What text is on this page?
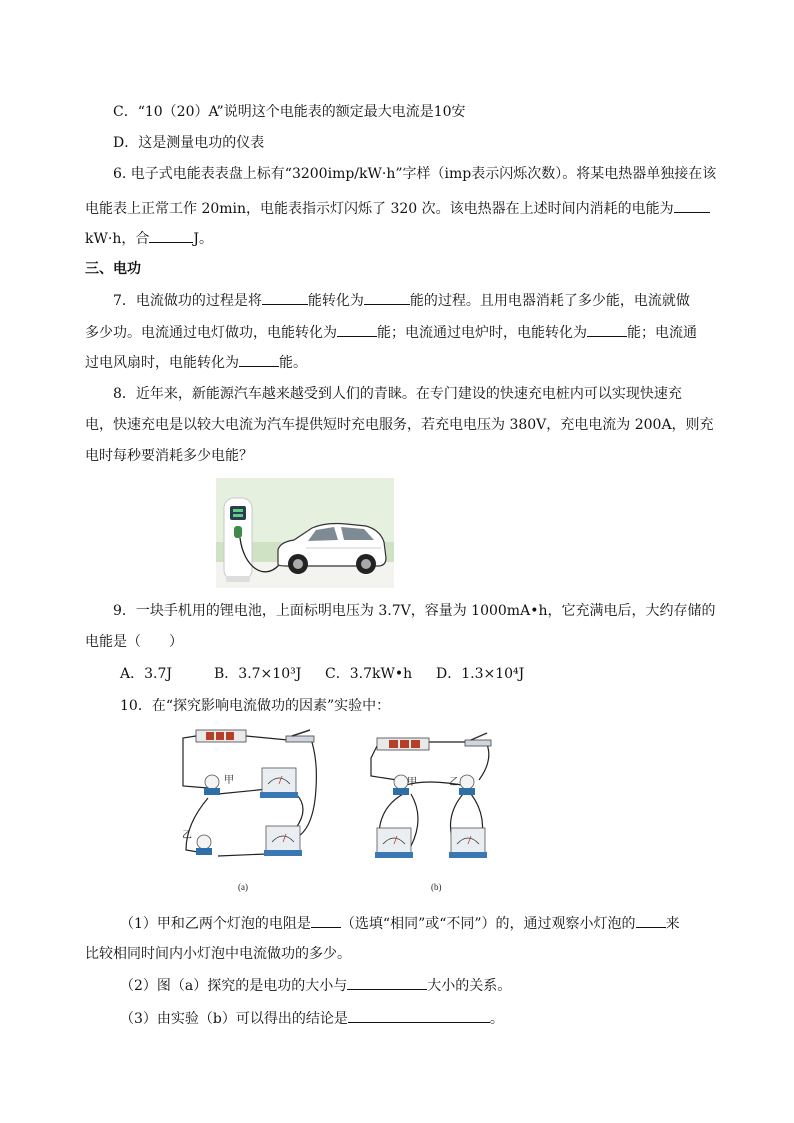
C．“10（20）A”说明这个电能表的额定最大电流是10安
D．这是测量电功的仪表
6. 电子式电能表表盘上标有“3200imp/kW·h”字样（imp表示闪烁次数）。将某电热器单独接在该
电能表上正常工作 20min，电能表指示灯闪烁了 320 次。该电热器在上述时间内消耗的电能为
kW·h，合	J。
三、电功
7．电流做功的过程是将	能转化为	能的过程。且用电器消耗了多少能，电流就做
多少功。电流通过电灯做功，电能转化为	能；电流通过电炉时，电能转化为	能；电流通
过电风扇时，电能转化为	能。
8．近年来，新能源汽车越来越受到人们的青睐。在专门建设的快速充电桩内可以实现快速充
电，快速充电是以较大电流为汽车提供短时充电服务，若充电电压为 380V，充电电流为 200A，则充
电时每秒要消耗多少电能？
9．一块手机用的锂电池，上面标明电压为 3.7V，容量为 1000mA•h，它充满电后，大约存储的
电能是（　　）
A．3.7J	B．3.7×10³J C．3.7kW•h D．1.3×10⁴J
10．在“探究影响电流做功的因素”实验中：
甲
乙
(a)
甲	乙
(b)
（1）甲和乙两个灯泡的电阻是 （选填“相同”或“不同”）的，通过观察小灯泡的 来
比较相同时间内小灯泡中电流做功的多少。
（2）图（a）探究的是电功的大小与	大小的关系。
（3）由实验（b）可以得出的结论是	。
